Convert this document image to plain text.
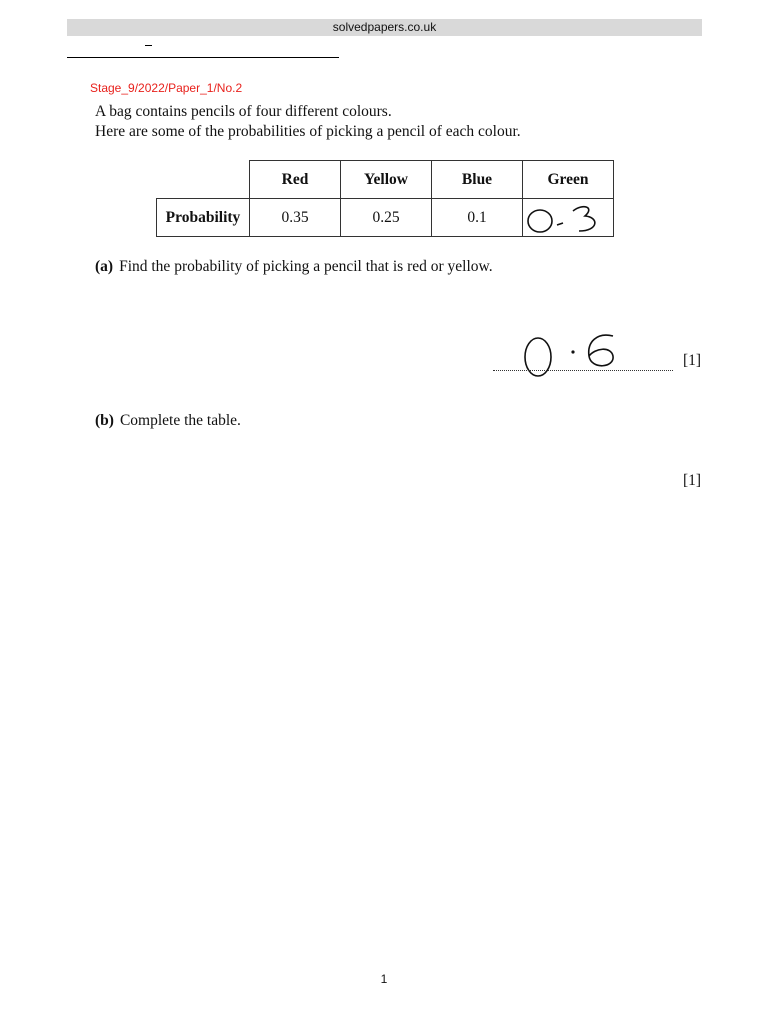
solvedpapers.co.uk
Stage_9/2022/Paper_1/No.2
A bag contains pencils of four different colours.
Here are some of the probabilities of picking a pencil of each colour.
	Red	Yellow	Blue	Green
Probability	0.35	0.25	0.1	
(a) Find the probability of picking a pencil that is red or yellow.
[1]
(b) Complete the table.
[1]
1
